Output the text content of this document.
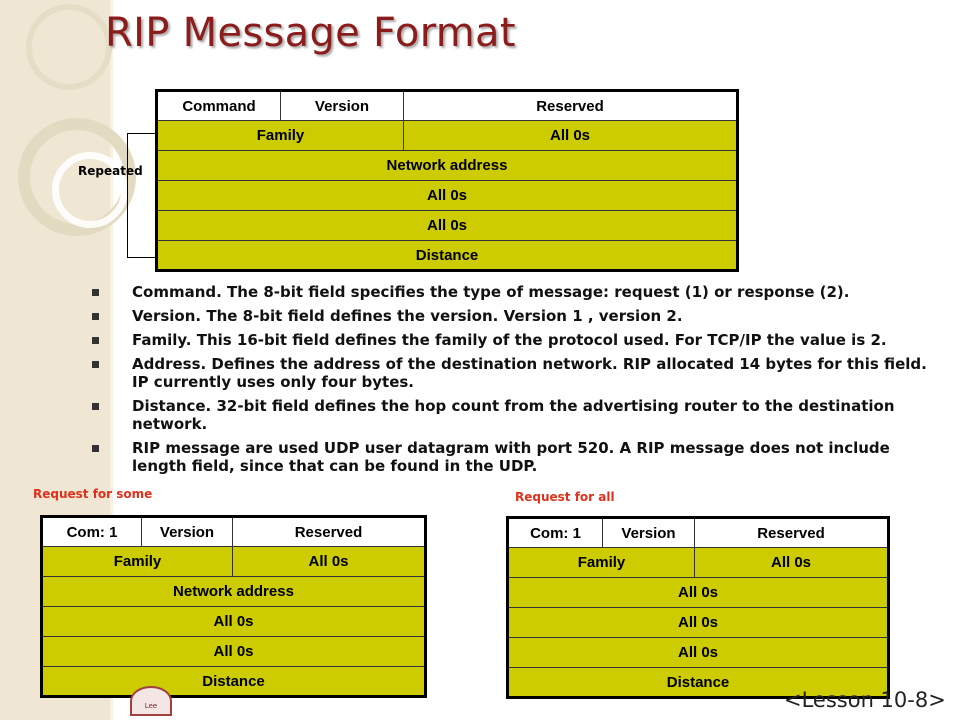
RIP Message Format
Repeated
Command	Version	Reserved
Family		All 0s
Network address		
All 0s		
All 0s		
Distance		
Command. The 8-bit field specifies the type of message: request (1) or response (2).
Version. The 8-bit field defines the version. Version 1 , version 2.
Family. This 16-bit field defines the family of the protocol used. For TCP/IP the value is 2.
Address. Defines the address of the destination network. RIP allocated 14 bytes for this field. IP currently uses only four bytes.
Distance. 32-bit field defines the hop count from the advertising router to the destination network.
RIP message are used UDP user datagram with port 520. A RIP message does not include length field, since that can be found in the UDP.
Request for some	Request for all
Com: 1	Version	Reserved
Family		All 0s
Network address		
All 0s		
All 0s		
Distance		
Com: 1	Version	Reserved
Family		All 0s
All 0s		
All 0s		
All 0s		
Distance		
Lee	<Lesson 10-8>
